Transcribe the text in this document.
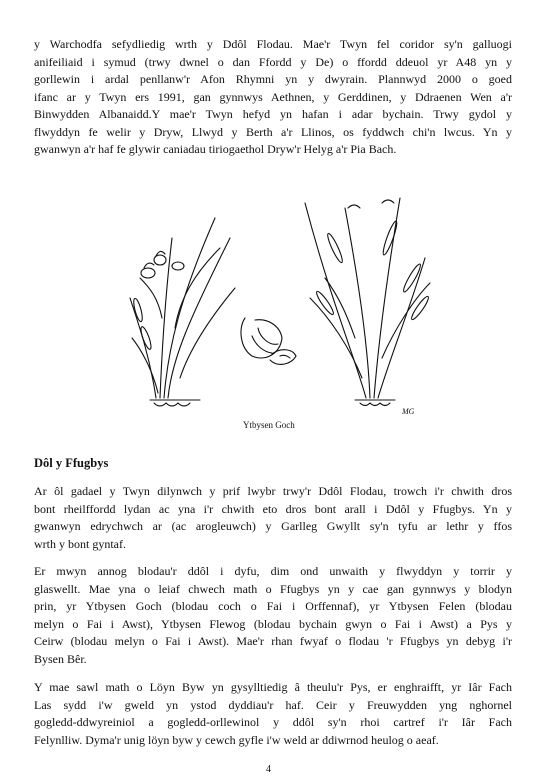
y Warchodfa sefydliedig wrth y Ddôl Flodau. Mae'r Twyn fel coridor sy'n galluogi
anifeiliaid i symud (trwy dwnel o dan Ffordd y De) o ffordd ddeuol yr A48 yn y
gorllewin i ardal penllanw'r Afon Rhymni yn y dwyrain. Plannwyd 2000 o goed
ifanc ar y Twyn ers 1991, gan gynnwys Aethnen, y Gerddinen, y Ddraenen Wen a'r
Binwydden Albanaidd.Y mae'r Twyn hefyd yn hafan i adar bychain. Trwy gydol y
flwyddyn fe welir y Dryw, Llwyd y Berth a'r Llinos, os fyddwch chi'n lwcus. Yn y
gwanwyn a'r haf fe glywir caniadau tiriogaethol Dryw'r Helyg a'r Pia Bach.

MG

Ytbysen Goch

Dôl y Ffugbys

Ar ôl gadael y Twyn dilynwch y prif lwybr trwy'r Ddôl Flodau, trowch i'r chwith dros
bont rheilffordd lydan ac yna i'r chwith eto dros bont arall i Ddôl y Ffugbys. Yn y
gwanwyn edrychwch ar (ac arogleuwch) y Garlleg Gwyllt sy'n tyfu ar lethr y ffos
wrth y bont gyntaf.

Er mwyn annog blodau'r ddôl i dyfu, dim ond unwaith y flwyddyn y torrir y
glaswellt. Mae yna o leiaf chwech math o Ffugbys yn y cae gan gynnwys y blodyn
prin, yr Ytbysen Goch (blodau coch o Fai i Orffennaf), yr Ytbysen Felen (blodau
melyn o Fai i Awst), Ytbysen Flewog (blodau bychain gwyn o Fai i Awst) a Pys y
Ceirw (blodau melyn o Fai i Awst). Mae'r rhan fwyaf o flodau 'r Ffugbys yn debyg i'r
Bysen Bêr.

Y mae sawl math o Löyn Byw yn gysylltiedig â theulu'r Pys, er enghraifft, yr Iâr Fach
Las sydd i'w gweld yn ystod dyddiau'r haf. Ceir y Freuwydden yng nghornel
gogledd-ddwyreiniol a gogledd-orllewinol y ddôl sy'n rhoi cartref i'r Iâr Fach
Felynlliw. Dyma'r unig löyn byw y cewch gyfle i'w weld ar ddiwrnod heulog o aeaf.

4
